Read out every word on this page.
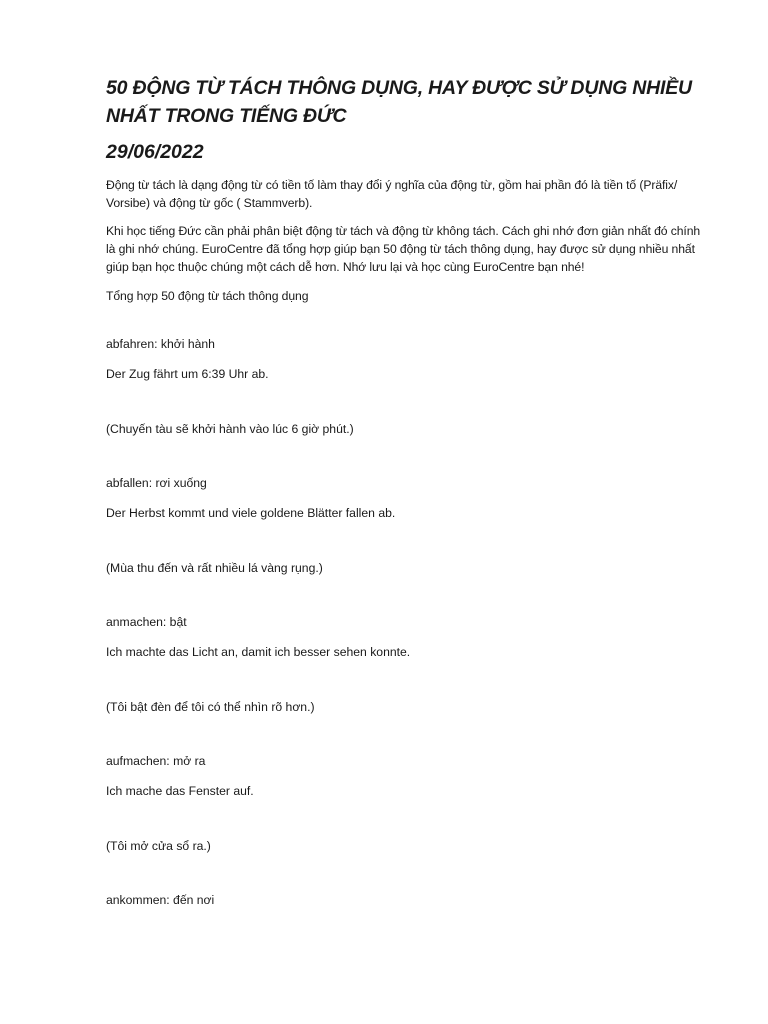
50 ĐỘNG TỪ TÁCH THÔNG DỤNG, HAY ĐƯỢC SỬ DỤNG NHIỀU NHẤT TRONG TIẾNG ĐỨC
29/06/2022

Động từ tách là dạng động từ có tiền tố làm thay đổi ý nghĩa của động từ, gồm hai phần đó là tiền tố (Präfix/ Vorsibe) và động từ gốc ( Stammverb).

Khi học tiếng Đức cần phải phân biệt động từ tách và động từ không tách. Cách ghi nhớ đơn giản nhất đó chính là ghi nhớ chúng. EuroCentre đã tổng hợp giúp bạn 50 động từ tách thông dụng, hay được sử dụng nhiều nhất giúp bạn học thuộc chúng một cách dễ hơn. Nhớ lưu lại và học cùng EuroCentre bạn nhé!

Tổng hợp 50 động từ tách thông dụng

abfahren: khởi hành

Der Zug fährt um 6:39 Uhr ab.

(Chuyến tàu sẽ khởi hành vào lúc 6 giờ phút.)

abfallen: rơi xuống

Der Herbst kommt und viele goldene Blätter fallen ab.

(Mùa thu đến và rất nhiều lá vàng rụng.)

anmachen: bật

Ich machte das Licht an, damit ich besser sehen konnte.

(Tôi bật đèn để tôi có thể nhìn rõ hơn.)

aufmachen: mở ra

Ich mache das Fenster auf.

(Tôi mở cửa sổ ra.)

ankommen: đến nơi
